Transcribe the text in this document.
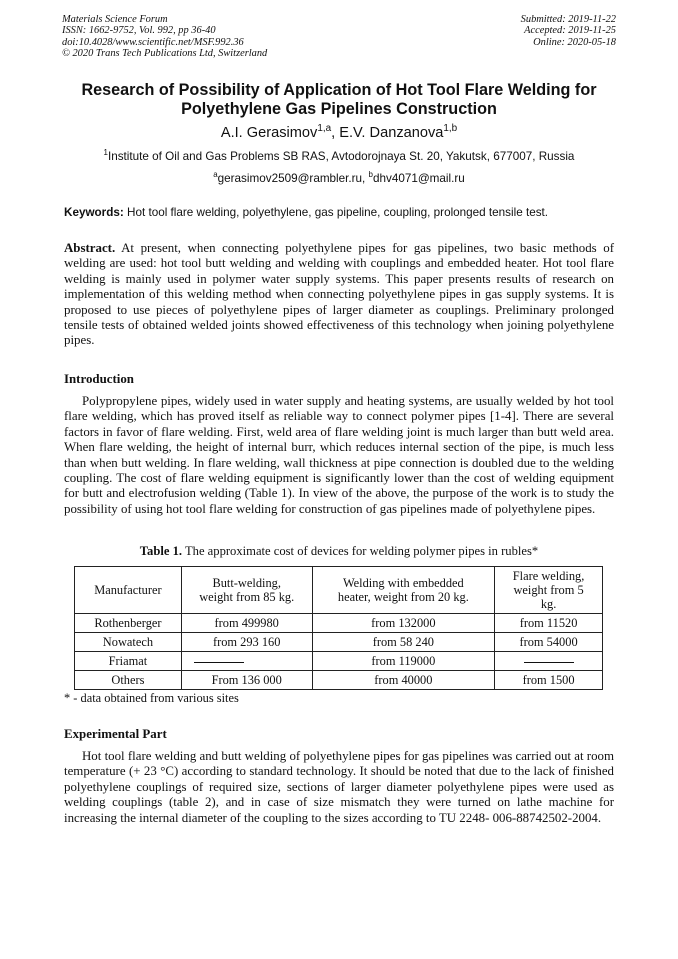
Materials Science Forum
ISSN: 1662-9752, Vol. 992, pp 36-40
doi:10.4028/www.scientific.net/MSF.992.36
© 2020 Trans Tech Publications Ltd, Switzerland
Submitted: 2019-11-22
Accepted: 2019-11-25
Online: 2020-05-18
Research of Possibility of Application of Hot Tool Flare Welding for
Polyethylene Gas Pipelines Construction
A.I. Gerasimov$^{1,a}$, E.V. Danzanova$^{1,b}$
$^1$Institute of Oil and Gas Problems SB RAS, Avtodorojnaya St. 20, Yakutsk, 677007, Russia
$^a$gerasimov2509@rambler.ru, $^b$dhv4071@mail.ru
Keywords: Hot tool flare welding, polyethylene, gas pipeline, coupling, prolonged tensile test.
Abstract. At present, when connecting polyethylene pipes for gas pipelines, two basic methods of welding are used: hot tool butt welding and welding with couplings and embedded heater. Hot tool flare welding is mainly used in polymer water supply systems. This paper presents results of research on implementation of this welding method when connecting polyethylene pipes in gas supply systems. It is proposed to use pieces of polyethylene pipes of larger diameter as couplings. Preliminary prolonged tensile tests of obtained welded joints showed effectiveness of this technology when joining polyethylene pipes.
Introduction
Polypropylene pipes, widely used in water supply and heating systems, are usually welded by hot tool flare welding, which has proved itself as reliable way to connect polymer pipes [1-4]. There are several factors in favor of flare welding. First, weld area of flare welding joint is much larger than butt weld area. When flare welding, the height of internal burr, which reduces internal section of the pipe, is much less than when butt welding. In flare welding, wall thickness at pipe connection is doubled due to the welding coupling. The cost of flare welding equipment is significantly lower than the cost of welding equipment for butt and electrofusion welding (Table 1). In view of the above, the purpose of the work is to study the possibility of using hot tool flare welding for construction of gas pipelines made of polyethylene pipes.
Table 1. The approximate cost of devices for welding polymer pipes in rubles*
Manufacturer	Butt-welding, weight from 85 kg.	Welding with embedded heater, weight from 20 kg.	Flare welding, weight from 5 kg.
Rothenberger	from 499980	from 132000	from 11520
Nowatech	from 293 160	from 58 240	from 54000
Friamat		from 119000	
Others	From 136 000	from 40000	from 1500
* - data obtained from various sites
Experimental Part
Hot tool flare welding and butt welding of polyethylene pipes for gas pipelines was carried out at room temperature (+ 23 °C) according to standard technology. It should be noted that due to the lack of finished polyethylene couplings of required size, sections of larger diameter polyethylene pipes were used as welding couplings (table 2), and in case of size mismatch they were turned on lathe machine for increasing the internal diameter of the coupling to the sizes according to TU 2248- 006-88742502-2004.
